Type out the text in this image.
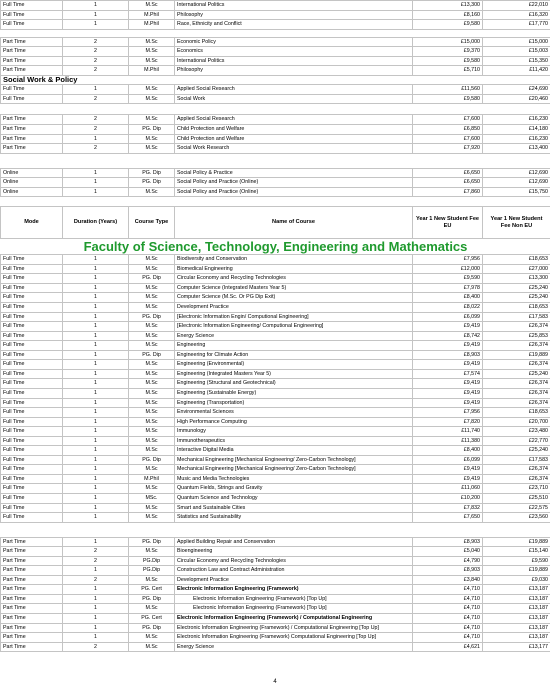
Full Time	1	M.Sc	International Politics	£13,300	£22,010
Full Time	1	M.Phil	Philosophy	£8,160	£16,320
Full Time	1	M.Phil	Race, Ethnicity and Conflict	£9,580	£17,770

Part Time	2	M.Sc	Economic Policy	£15,000	£15,000
Part Time	2	M.Sc	Economics	£9,370	£15,003
Part Time	2	M.Sc	International Politics	£9,580	£15,350
Part Time	2	M.Phil	Philosophy	£5,710	£11,420
Social Work & Policy					
Full Time	1	M.Sc	Applied Social Research	£11,560	£24,690
Full Time	2	M.Sc	Social Work	£9,580	£20,460

Part Time	2	M.Sc	Applied Social Research	£7,600	£16,230
Part Time	2	PG. Dip	Child Protection and Welfare	£6,850	£14,180
Part Time	1	M.Sc	Child Protection and Welfare	£7,600	£16,230
Part Time	2	M.Sc	Social Work Research	£7,920	£13,400

Online	1	PG. Dip	Social Policy & Practice	£6,650	£12,690
Online	1	PG. Dip	Social Policy and Practice (Online)	£6,650	£12,690
Online	1	M.Sc	Social Policy and Practice (Online)	£7,860	£15,750

Mode	Duration (Years)	Course Type	Name of Course	Year 1 New Student Fee EU	Year 1 New Student Fee Non EU
Faculty of Science, Technology, Engineering and Mathematics					
Full Time	1	M.Sc	Biodiversity and Conservation	£7,956	£18,653
Full Time	1	M.Sc	Biomedical Engineering	£12,000	£27,000
Full Time	1	PG. Dip	Circular Economy and Recycling Technologies	£9,590	£13,300
Full Time	1	M.Sc	Computer Science (Integrated Masters Year 5)	£7,978	£25,240
Full Time	1	M.Sc	Computer Science (M.Sc. Or PG Dip Exit)	£8,400	£25,240
Full Time	1	M.Sc	Development Practice	£8,022	£18,653
Full Time	1	PG. Dip	[Electronic Information Engin/ Computional Engineering]	£6,099	£17,583
Full Time	1	M.Sc	[Electronic Information Engineering/ Computional Engineering]	£9,419	£26,374
Full Time	1	M.Sc	Energy Science	£8,742	£25,853
Full Time	1	M.Sc	Engineering	£9,419	£26,374
Full Time	1	PG. Dip	Engineering for Climate Action	£8,903	£19,889
Full Time	1	M.Sc	Engineering (Environmental)	£9,419	£26,374
Full Time	1	M.Sc	Engineering (Integrated Masters Year 5)	£7,574	£25,240
Full Time	1	M.Sc	Engineering (Structural and Geotechnical)	£9,419	£26,374
Full Time	1	M.Sc	Engineering (Sustainable Energy)	£9,419	£26,374
Full Time	1	M.Sc	Engineering (Transportation)	£9,419	£26,374
Full Time	1	M.Sc	Environmental Sciences	£7,956	£18,653
Full Time	1	M.Sc	High Performance Computing	£7,820	£20,700
Full Time	1	M.Sc	Immunology	£11,740	£23,480
Full Time	1	M.Sc	Immunotherapeutics	£11,380	£22,770
Full Time	1	M.Sc	Interactive Digital Media	£8,400	£25,240
Full Time	1	PG. Dip	Mechanical Engineering [Mechanical Engineering/ Zero-Carbon Technology]	£6,099	£17,583
Full Time	1	M.Sc	Mechanical Engineering [Mechanical Engineering/ Zero-Carbon Technology]	£9,419	£26,374
Full Time	1	M.Phil	Music and Media Technologies	£9,419	£26,374
Full Time	1	M.Sc	Quantum Fields, Strings and Gravity	£11,060	£23,710
Full Time	1	MSc.	Quantum Science and Technology	£10,200	£25,510
Full Time	1	M.Sc	Smart and Sustainable Cities	£7,832	£22,575
Full Time	1	M.Sc	Statistics and Sustainability	£7,650	£23,560

Part Time	1	PG. Dip	Applied Building Repair and Conservation	£8,903	£19,889
Part Time	2	M.Sc	Bioengineering	£5,040	£15,140
Part Time	2	PG.Dip	Circular Economy and Recycling Technologies	£4,790	£9,590
Part Time	1	PG.Dip	Construction Law and Contract Administration	£8,903	£19,889
Part Time	2	M.Sc	Development Practice	£3,840	£9,030
Part Time	1	PG. Cert	Electronic Information Engineering (Framework)	£4,710	£13,187
Part Time	1	PG. Dip	Electronic Information Engineering (Framework) [Top Up]	£4,710	£13,187
Part Time	1	M.Sc	Electronic Information Engineering (Framework) [Top Up]	£4,710	£13,187
Part Time	1	PG. Cert	Electronic Information Engineering (Framework) / Computational Engineering	£4,710	£13,187
Part Time	1	PG. Dip	Electronic Information Engineering (Framework) / Computational Engineering [Top Up]	£4,710	£13,187
Part Time	1	M.Sc	Electronic Information Engineering (Framework) Computational Engineering [Top Up]	£4,710	£13,187
Part Time	2	M.Sc	Energy Science	£4,621	£13,177
4
